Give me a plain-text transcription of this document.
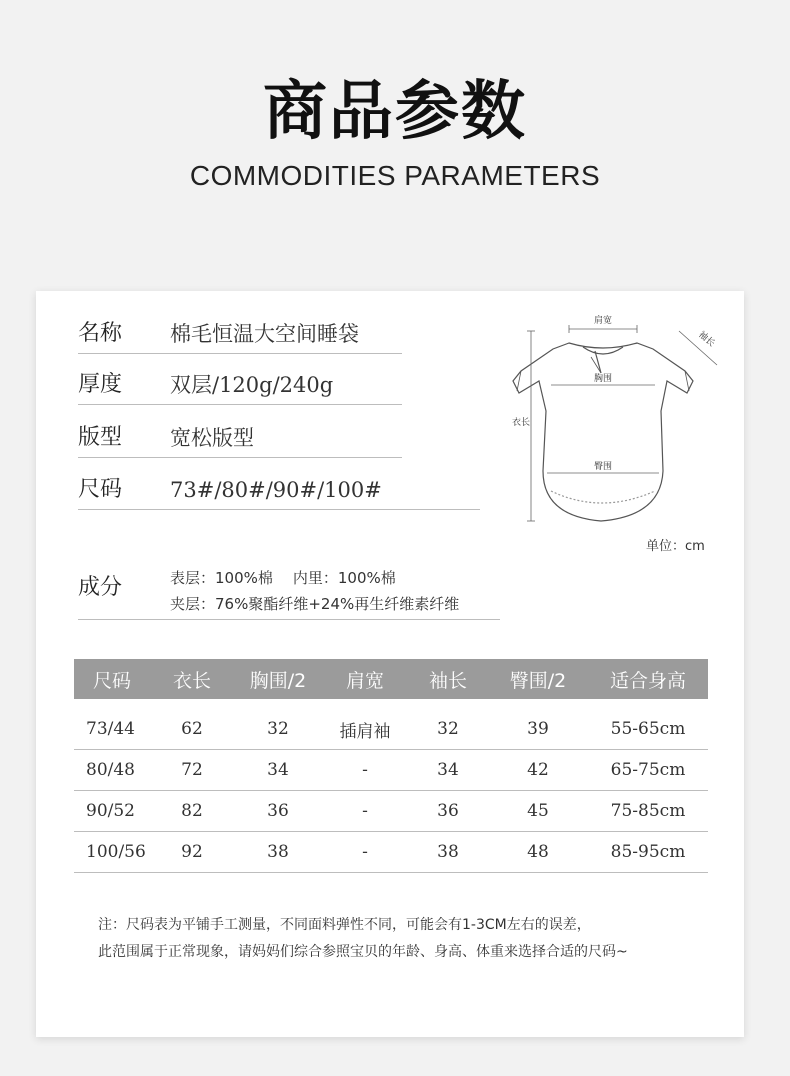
商品参数
COMMODITIES PARAMETERS
名称 棉毛恒温大空间睡袋
厚度 双层/120g/240g
版型 宽松版型
尺码 73#/80#/90#/100#
肩宽
袖长
胸围
衣长
臀围
单位：cm
成分	表层：100%棉 内里：100%棉
夹层：76%聚酯纤维+24%再生纤维素纤维
尺码	衣长	胸围/2	肩宽	袖长	臀围/2	适合身高

73/44	62	32	插肩袖	32	39	55-65cm
80/48	72	34	-	34	42	65-75cm
90/52	82	36	-	36	45	75-85cm
100/56	92	38	-	38	48	85-95cm
注：尺码表为平铺手工测量，不同面料弹性不同，可能会有1-3CM左右的误差，
此范围属于正常现象，请妈妈们综合参照宝贝的年龄、身高、体重来选择合适的尺码~
